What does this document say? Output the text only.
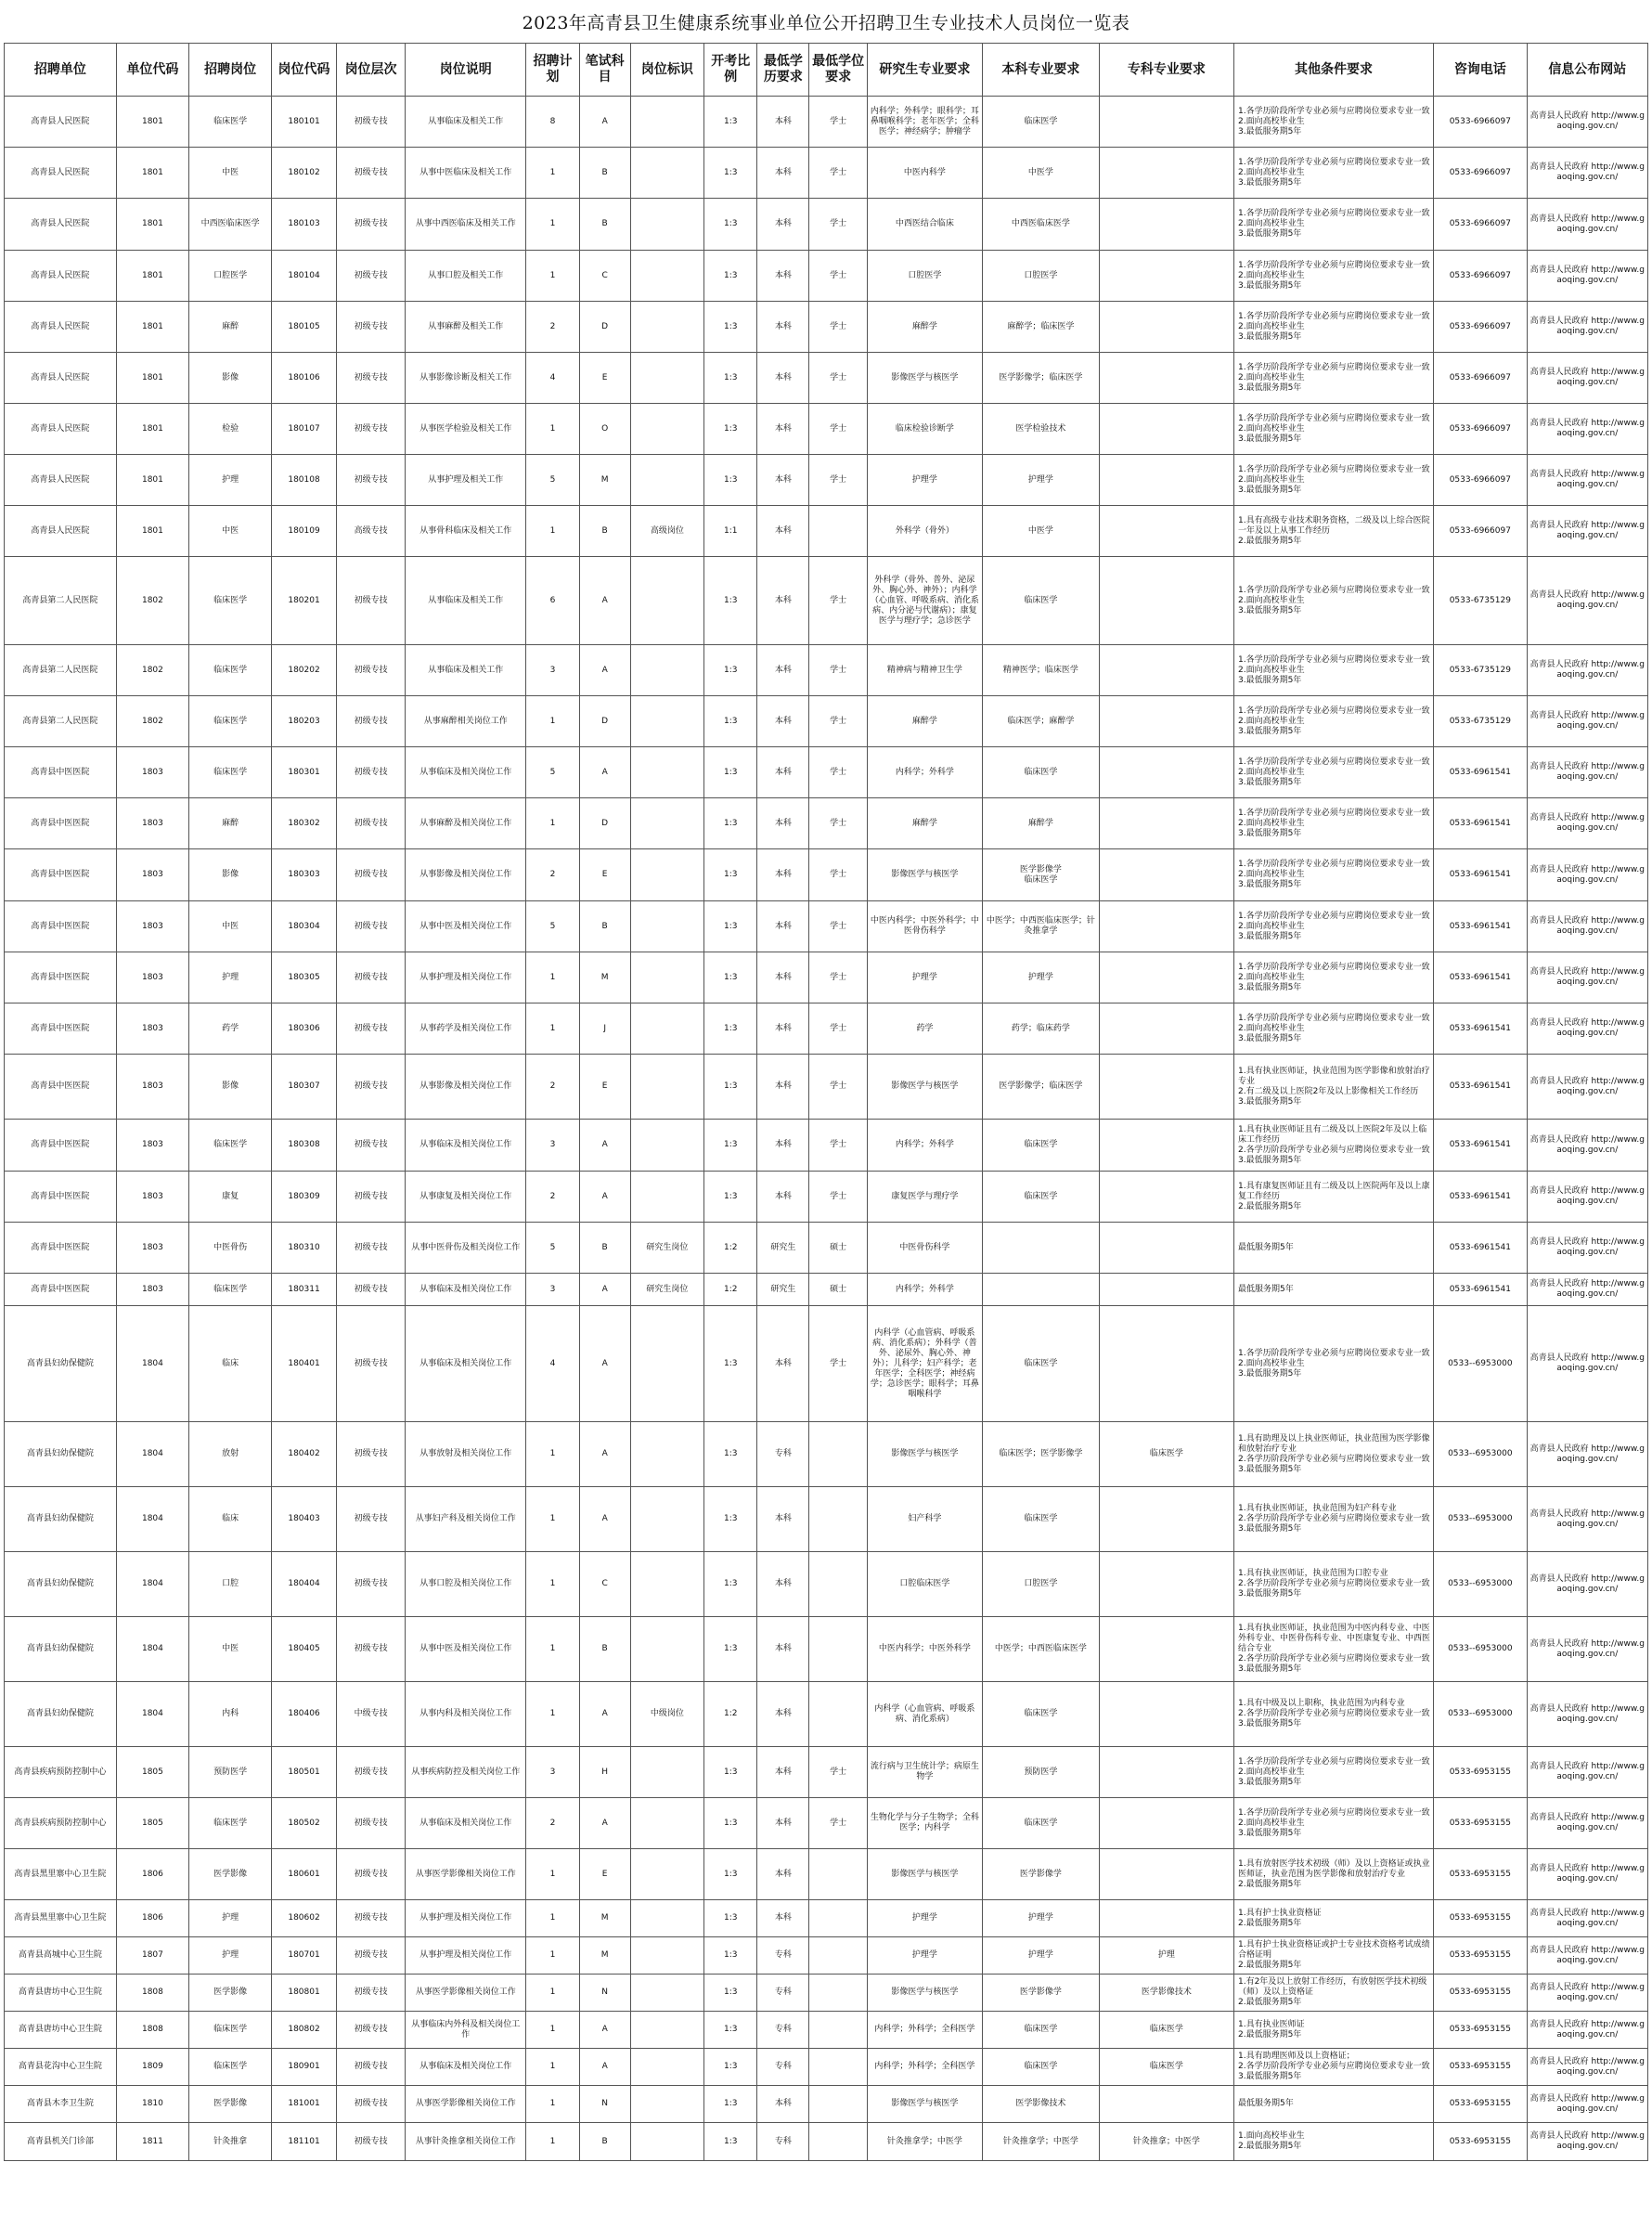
2023年高青县卫生健康系统事业单位公开招聘卫生专业技术人员岗位一览表
招聘单位	单位代码	招聘岗位	岗位代码	岗位层次	岗位说明	招聘计划	笔试科目	岗位标识	开考比例	最低学历要求	最低学位要求	研究生专业要求	本科专业要求	专科专业要求	其他条件要求	咨询电话	信息公布网站
高青县人民医院	1801	临床医学	180101	初级专技	从事临床及相关工作	8	A		1:3	本科	学士	内科学；外科学；眼科学；耳鼻咽喉科学；老年医学；全科医学；神经病学；肿瘤学	临床医学		1.各学历阶段所学专业必须与应聘岗位要求专业一致
2.面向高校毕业生
3.最低服务期5年	0533-6966097	高青县人民政府 http://www.gaoqing.gov.cn/
高青县人民医院	1801	中医	180102	初级专技	从事中医临床及相关工作	1	B		1:3	本科	学士	中医内科学	中医学		1.各学历阶段所学专业必须与应聘岗位要求专业一致
2.面向高校毕业生
3.最低服务期5年	0533-6966097	高青县人民政府 http://www.gaoqing.gov.cn/
高青县人民医院	1801	中西医临床医学	180103	初级专技	从事中西医临床及相关工作	1	B		1:3	本科	学士	中西医结合临床	中西医临床医学		1.各学历阶段所学专业必须与应聘岗位要求专业一致
2.面向高校毕业生
3.最低服务期5年	0533-6966097	高青县人民政府 http://www.gaoqing.gov.cn/
高青县人民医院	1801	口腔医学	180104	初级专技	从事口腔及相关工作	1	C		1:3	本科	学士	口腔医学	口腔医学		1.各学历阶段所学专业必须与应聘岗位要求专业一致
2.面向高校毕业生
3.最低服务期5年	0533-6966097	高青县人民政府 http://www.gaoqing.gov.cn/
高青县人民医院	1801	麻醉	180105	初级专技	从事麻醉及相关工作	2	D		1:3	本科	学士	麻醉学	麻醉学；临床医学		1.各学历阶段所学专业必须与应聘岗位要求专业一致
2.面向高校毕业生
3.最低服务期5年	0533-6966097	高青县人民政府 http://www.gaoqing.gov.cn/
高青县人民医院	1801	影像	180106	初级专技	从事影像诊断及相关工作	4	E		1:3	本科	学士	影像医学与核医学	医学影像学；临床医学		1.各学历阶段所学专业必须与应聘岗位要求专业一致
2.面向高校毕业生
3.最低服务期5年	0533-6966097	高青县人民政府 http://www.gaoqing.gov.cn/
高青县人民医院	1801	检验	180107	初级专技	从事医学检验及相关工作	1	O		1:3	本科	学士	临床检验诊断学	医学检验技术		1.各学历阶段所学专业必须与应聘岗位要求专业一致
2.面向高校毕业生
3.最低服务期5年	0533-6966097	高青县人民政府 http://www.gaoqing.gov.cn/
高青县人民医院	1801	护理	180108	初级专技	从事护理及相关工作	5	M		1:3	本科	学士	护理学	护理学		1.各学历阶段所学专业必须与应聘岗位要求专业一致
2.面向高校毕业生
3.最低服务期5年	0533-6966097	高青县人民政府 http://www.gaoqing.gov.cn/
高青县人民医院	1801	中医	180109	高级专技	从事骨科临床及相关工作	1	B	高级岗位	1:1	本科		外科学（骨外）	中医学		1.具有高级专业技术职务资格，二级及以上综合医院一年及以上从事工作经历
2.最低服务期5年	0533-6966097	高青县人民政府 http://www.gaoqing.gov.cn/
高青县第二人民医院	1802	临床医学	180201	初级专技	从事临床及相关工作	6	A		1:3	本科	学士	外科学（骨外、普外、泌尿外、胸心外、神外）；内科学（心血管、呼吸系病、消化系病、内分泌与代谢病）；康复医学与理疗学；急诊医学	临床医学		1.各学历阶段所学专业必须与应聘岗位要求专业一致
2.面向高校毕业生
3.最低服务期5年	0533-6735129	高青县人民政府 http://www.gaoqing.gov.cn/
高青县第二人民医院	1802	临床医学	180202	初级专技	从事临床及相关工作	3	A		1:3	本科	学士	精神病与精神卫生学	精神医学；临床医学		1.各学历阶段所学专业必须与应聘岗位要求专业一致
2.面向高校毕业生
3.最低服务期5年	0533-6735129	高青县人民政府 http://www.gaoqing.gov.cn/
高青县第二人民医院	1802	临床医学	180203	初级专技	从事麻醉相关岗位工作	1	D		1:3	本科	学士	麻醉学	临床医学；麻醉学		1.各学历阶段所学专业必须与应聘岗位要求专业一致
2.面向高校毕业生
3.最低服务期5年	0533-6735129	高青县人民政府 http://www.gaoqing.gov.cn/
高青县中医医院	1803	临床医学	180301	初级专技	从事临床及相关岗位工作	5	A		1:3	本科	学士	内科学；外科学	临床医学		1.各学历阶段所学专业必须与应聘岗位要求专业一致
2.面向高校毕业生
3.最低服务期5年	0533-6961541	高青县人民政府 http://www.gaoqing.gov.cn/
高青县中医医院	1803	麻醉	180302	初级专技	从事麻醉及相关岗位工作	1	D		1:3	本科	学士	麻醉学	麻醉学		1.各学历阶段所学专业必须与应聘岗位要求专业一致
2.面向高校毕业生
3.最低服务期5年	0533-6961541	高青县人民政府 http://www.gaoqing.gov.cn/
高青县中医医院	1803	影像	180303	初级专技	从事影像及相关岗位工作	2	E		1:3	本科	学士	影像医学与核医学	医学影像学
临床医学		1.各学历阶段所学专业必须与应聘岗位要求专业一致
2.面向高校毕业生
3.最低服务期5年	0533-6961541	高青县人民政府 http://www.gaoqing.gov.cn/
高青县中医医院	1803	中医	180304	初级专技	从事中医及相关岗位工作	5	B		1:3	本科	学士	中医内科学；中医外科学；中医骨伤科学	中医学；中西医临床医学；针灸推拿学		1.各学历阶段所学专业必须与应聘岗位要求专业一致
2.面向高校毕业生
3.最低服务期5年	0533-6961541	高青县人民政府 http://www.gaoqing.gov.cn/
高青县中医医院	1803	护理	180305	初级专技	从事护理及相关岗位工作	1	M		1:3	本科	学士	护理学	护理学		1.各学历阶段所学专业必须与应聘岗位要求专业一致
2.面向高校毕业生
3.最低服务期5年	0533-6961541	高青县人民政府 http://www.gaoqing.gov.cn/
高青县中医医院	1803	药学	180306	初级专技	从事药学及相关岗位工作	1	J		1:3	本科	学士	药学	药学；临床药学		1.各学历阶段所学专业必须与应聘岗位要求专业一致
2.面向高校毕业生
3.最低服务期5年	0533-6961541	高青县人民政府 http://www.gaoqing.gov.cn/
高青县中医医院	1803	影像	180307	初级专技	从事影像及相关岗位工作	2	E		1:3	本科	学士	影像医学与核医学	医学影像学；临床医学		1.具有执业医师证，执业范围为医学影像和放射治疗专业
2.有二级及以上医院2年及以上影像相关工作经历
3.最低服务期5年	0533-6961541	高青县人民政府 http://www.gaoqing.gov.cn/
高青县中医医院	1803	临床医学	180308	初级专技	从事临床及相关岗位工作	3	A		1:3	本科	学士	内科学；外科学	临床医学		1.具有执业医师证且有二级及以上医院2年及以上临床工作经历
2.各学历阶段所学专业必须与应聘岗位要求专业一致
3.最低服务期5年	0533-6961541	高青县人民政府 http://www.gaoqing.gov.cn/
高青县中医医院	1803	康复	180309	初级专技	从事康复及相关岗位工作	2	A		1:3	本科	学士	康复医学与理疗学	临床医学		1.具有康复医师证且有二级及以上医院两年及以上康复工作经历
2.最低服务期5年	0533-6961541	高青县人民政府 http://www.gaoqing.gov.cn/
高青县中医医院	1803	中医骨伤	180310	初级专技	从事中医骨伤及相关岗位工作	5	B	研究生岗位	1:2	研究生	硕士	中医骨伤科学			最低服务期5年	0533-6961541	高青县人民政府 http://www.gaoqing.gov.cn/
高青县中医医院	1803	临床医学	180311	初级专技	从事临床及相关岗位工作	3	A	研究生岗位	1:2	研究生	硕士	内科学；外科学			最低服务期5年	0533-6961541	高青县人民政府 http://www.gaoqing.gov.cn/
高青县妇幼保健院	1804	临床	180401	初级专技	从事临床及相关岗位工作	4	A		1:3	本科	学士	内科学（心血管病、呼吸系病、消化系病）；外科学（普外、泌尿外、胸心外、神外）；儿科学；妇产科学；老年医学；全科医学；神经病学；急诊医学；眼科学；耳鼻咽喉科学	临床医学		1.各学历阶段所学专业必须与应聘岗位要求专业一致
2.面向高校毕业生
3.最低服务期5年	0533--6953000	高青县人民政府 http://www.gaoqing.gov.cn/
高青县妇幼保健院	1804	放射	180402	初级专技	从事放射及相关岗位工作	1	A		1:3	专科		影像医学与核医学	临床医学；医学影像学	临床医学	1.具有助理及以上执业医师证，执业范围为医学影像和放射治疗专业
2.各学历阶段所学专业必须与应聘岗位要求专业一致
3.最低服务期5年	0533--6953000	高青县人民政府 http://www.gaoqing.gov.cn/
高青县妇幼保健院	1804	临床	180403	初级专技	从事妇产科及相关岗位工作	1	A		1:3	本科		妇产科学	临床医学		1.具有执业医师证，执业范围为妇产科专业
2.各学历阶段所学专业必须与应聘岗位要求专业一致
3.最低服务期5年	0533--6953000	高青县人民政府 http://www.gaoqing.gov.cn/
高青县妇幼保健院	1804	口腔	180404	初级专技	从事口腔及相关岗位工作	1	C		1:3	本科		口腔临床医学	口腔医学		1.具有执业医师证，执业范围为口腔专业
2.各学历阶段所学专业必须与应聘岗位要求专业一致
3.最低服务期5年	0533--6953000	高青县人民政府 http://www.gaoqing.gov.cn/
高青县妇幼保健院	1804	中医	180405	初级专技	从事中医及相关岗位工作	1	B		1:3	本科		中医内科学；中医外科学	中医学；中西医临床医学		1.具有执业医师证，执业范围为中医内科专业、中医外科专业、中医骨伤科专业、中医康复专业、中西医结合专业
2.各学历阶段所学专业必须与应聘岗位要求专业一致
3.最低服务期5年	0533--6953000	高青县人民政府 http://www.gaoqing.gov.cn/
高青县妇幼保健院	1804	内科	180406	中级专技	从事内科及相关岗位工作	1	A	中级岗位	1:2	本科		内科学（心血管病、呼吸系病、消化系病）	临床医学		1.具有中级及以上职称，执业范围为内科专业
2.各学历阶段所学专业必须与应聘岗位要求专业一致
3.最低服务期5年	0533--6953000	高青县人民政府 http://www.gaoqing.gov.cn/
高青县疾病预防控制中心	1805	预防医学	180501	初级专技	从事疾病防控及相关岗位工作	3	H		1:3	本科	学士	流行病与卫生统计学；病原生物学	预防医学		1.各学历阶段所学专业必须与应聘岗位要求专业一致
2.面向高校毕业生
3.最低服务期5年	0533-6953155	高青县人民政府 http://www.gaoqing.gov.cn/
高青县疾病预防控制中心	1805	临床医学	180502	初级专技	从事临床及相关岗位工作	2	A		1:3	本科	学士	生物化学与分子生物学；全科医学；内科学	临床医学		1.各学历阶段所学专业必须与应聘岗位要求专业一致
2.面向高校毕业生
3.最低服务期5年	0533-6953155	高青县人民政府 http://www.gaoqing.gov.cn/
高青县黑里寨中心卫生院	1806	医学影像	180601	初级专技	从事医学影像相关岗位工作	1	E		1:3	本科		影像医学与核医学	医学影像学		1.具有放射医学技术初级（师）及以上资格证或执业医师证，执业范围为医学影像和放射治疗专业
2.最低服务期5年	0533-6953155	高青县人民政府 http://www.gaoqing.gov.cn/
高青县黑里寨中心卫生院	1806	护理	180602	初级专技	从事护理及相关岗位工作	1	M		1:3	本科		护理学	护理学		1.具有护士执业资格证
2.最低服务期5年	0533-6953155	高青县人民政府 http://www.gaoqing.gov.cn/
高青县高城中心卫生院	1807	护理	180701	初级专技	从事护理及相关岗位工作	1	M		1:3	专科		护理学	护理学	护理	1.具有护士执业资格证或护士专业技术资格考试成绩合格证明
2.最低服务期5年	0533-6953155	高青县人民政府 http://www.gaoqing.gov.cn/
高青县唐坊中心卫生院	1808	医学影像	180801	初级专技	从事医学影像相关岗位工作	1	N		1:3	专科		影像医学与核医学	医学影像学	医学影像技术	1.有2年及以上放射工作经历，有放射医学技术初级（师）及以上资格证
2.最低服务期5年	0533-6953155	高青县人民政府 http://www.gaoqing.gov.cn/
高青县唐坊中心卫生院	1808	临床医学	180802	初级专技	从事临床内外科及相关岗位工作	1	A		1:3	专科		内科学；外科学；全科医学	临床医学	临床医学	1.具有执业医师证
2.最低服务期5年	0533-6953155	高青县人民政府 http://www.gaoqing.gov.cn/
高青县花沟中心卫生院	1809	临床医学	180901	初级专技	从事临床及相关岗位工作	1	A		1:3	专科		内科学；外科学；全科医学	临床医学	临床医学	1.具有助理医师及以上资格证；
2.各学历阶段所学专业必须与应聘岗位要求专业一致
3.最低服务期5年	0533-6953155	高青县人民政府 http://www.gaoqing.gov.cn/
高青县木李卫生院	1810	医学影像	181001	初级专技	从事医学影像相关岗位工作	1	N		1:3	本科		影像医学与核医学	医学影像技术		最低服务期5年	0533-6953155	高青县人民政府 http://www.gaoqing.gov.cn/
高青县机关门诊部	1811	针灸推拿	181101	初级专技	从事针灸推拿相关岗位工作	1	B		1:3	专科		针灸推拿学；中医学	针灸推拿学；中医学	针灸推拿；中医学	1.面向高校毕业生
2.最低服务期5年	0533-6953155	高青县人民政府 http://www.gaoqing.gov.cn/
